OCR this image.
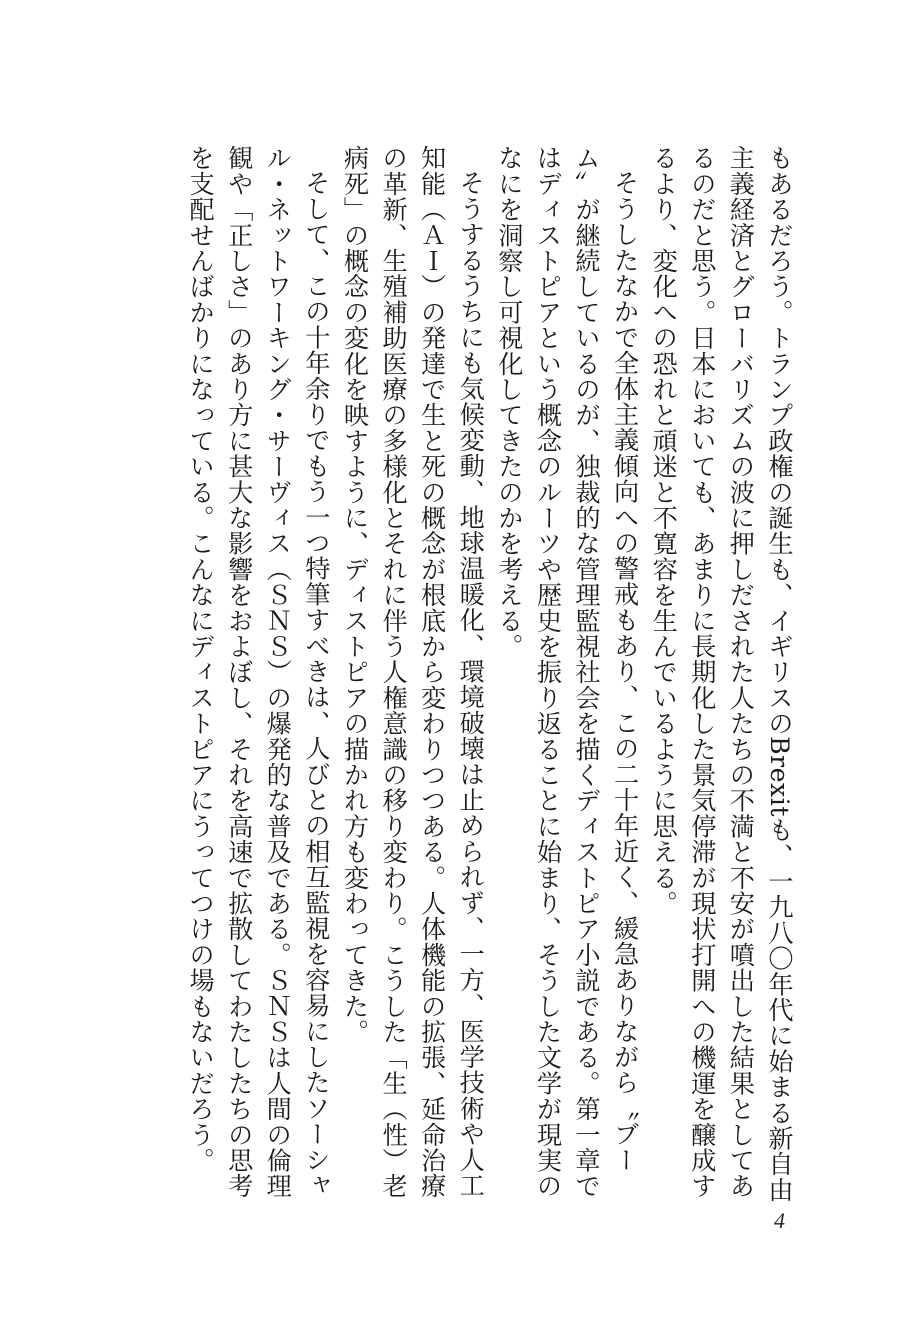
もあるだろう。トランプ政権の誕生も、イギリスのBrexitも、一九八〇年代に始まる新自由主義経済とグローバリズムの波に押しだされた人たちの不満と不安が噴出した結果としてあるのだと思う。日本においても、あまりに長期化した景気停滞が現状打開への機運を醸成するより、変化への恐れと頑迷と不寛容を生んでいるように思える。

そうしたなかで全体主義傾向への警戒もあり、この二十年近く、緩急ありながら〝ブーム〟が継続しているのが、独裁的な管理監視社会を描くディストピア小説である。第一章ではディストピアという概念のルーツや歴史を振り返ることに始まり、そうした文学が現実のなにを洞察し可視化してきたのかを考える。

そうするうちにも気候変動、地球温暖化、環境破壊は止められず、一方、医学技術や人工知能（ＡＩ）の発達で生と死の概念が根底から変わりつつある。人体機能の拡張、延命治療の革新、生殖補助医療の多様化とそれに伴う人権意識の移り変わり。こうした「生（性）老病死」の概念の変化を映すように、ディストピアの描かれ方も変わってきた。

そして、この十年余りでもう一つ特筆すべきは、人びとの相互監視を容易にしたソーシャル・ネットワーキング・サーヴィス（ＳＮＳ）の爆発的な普及である。ＳＮＳは人間の倫理観や「正しさ」のあり方に甚大な影響をおよぼし、それを高速で拡散してわたしたちの思考を支配せんばかりになっている。こんなにディストピアにうってつけの場もないだろう。

4
